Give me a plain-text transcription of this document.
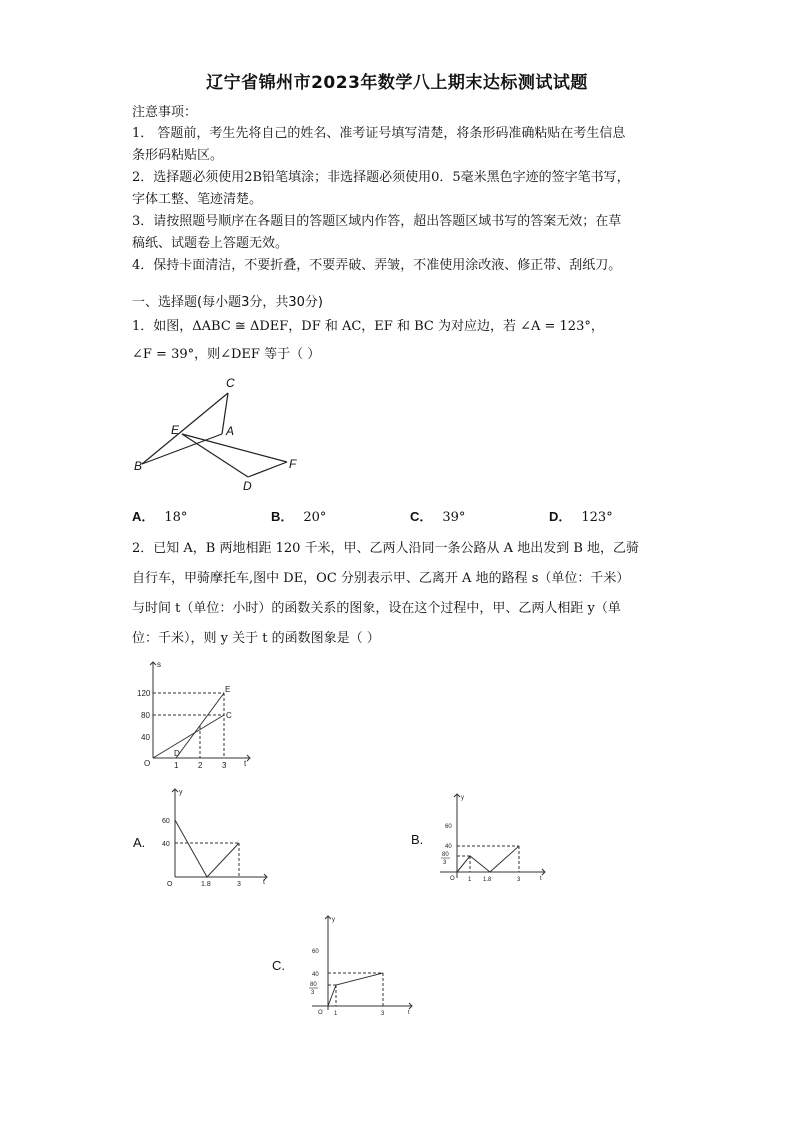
辽宁省锦州市2023年数学八上期末达标测试试题
注意事项：
1． 答题前，考生先将自己的姓名、准考证号填写清楚，将条形码准确粘贴在考生信息
条形码粘贴区。
2．选择题必须使用2B铅笔填涂；非选择题必须使用0．5毫米黑色字迹的签字笔书写，
字体工整、笔迹清楚。
3．请按照题号顺序在各题目的答题区域内作答，超出答题区域书写的答案无效；在草
稿纸、试题卷上答题无效。
4．保持卡面清洁，不要折叠，不要弄破、弄皱，不准使用涂改液、修正带、刮纸刀。
一、选择题(每小题3分，共30分)
1．如图，ΔABC ≅ ΔDEF，DF 和 AC，EF 和 BC 为对应边，若 ∠A = 123°，
∠F = 39°，则∠DEF 等于（ ）
C
E	A
B	F
D
A． 18°	B． 20°	C． 39°	D． 123°
2．已知 A，B 两地相距 120 千米，甲、乙两人沿同一条公路从 A 地出发到 B 地，乙骑
自行车，甲骑摩托车,图中 DE，OC 分别表示甲、乙离开 A 地的路程 s（单位：千米）
与时间 t（单位：小时）的函数关系的图象，设在这个过程中，甲、乙两人相距 y（单
位：千米），则 y 关于 t 的函数图象是（ ）
s
t
O
120
80
40
1 2 3
E
C
D
A.
y
t
O
60
40
1.8	3
B.
y
t
O
60
40
80
3
1 1.8	3
C.
y
t
O
60
40
80
3
1	3
